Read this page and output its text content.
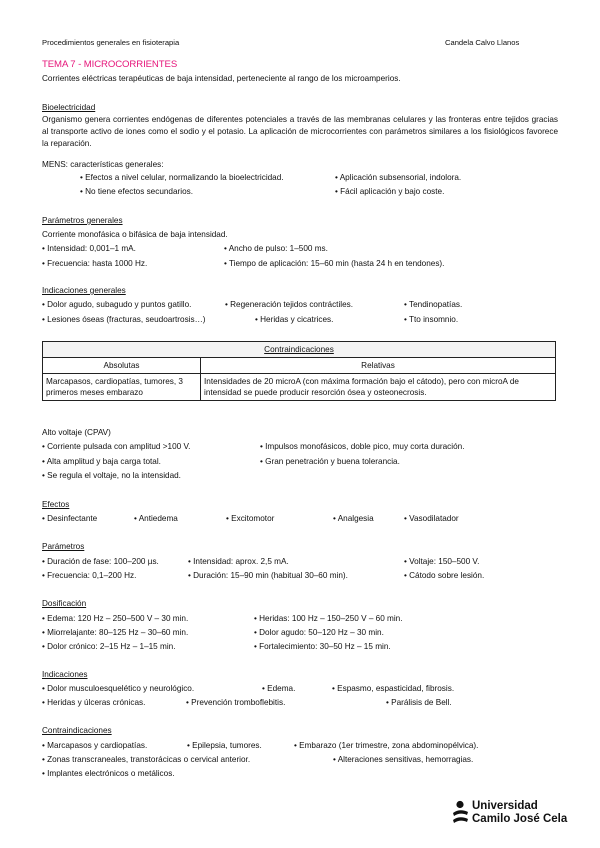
Procedimientos generales en fisioterapia	Candela Calvo Llanos
TEMA 7 - MICROCORRIENTES
Corrientes eléctricas terapéuticas de baja intensidad, perteneciente al rango de los microamperios.
Bioelectricidad
Organismo genera corrientes endógenas de diferentes potenciales a través de las membranas celulares y las fronteras entre tejidos gracias al transporte activo de iones como el sodio y el potasio. La aplicación de microcorrientes con parámetros similares a los fisiológicos favorece la reparación.
MENS: características generales:
• Efectos a nivel celular, normalizando la bioelectricidad.	• Aplicación subsensorial, indolora.
• No tiene efectos secundarios.	• Fácil aplicación y bajo coste.
Parámetros generales
Corriente monofásica o bifásica de baja intensidad.
• Intensidad: 0,001–1 mA.	• Ancho de pulso: 1–500 ms.
• Frecuencia: hasta 1000 Hz.	• Tiempo de aplicación: 15–60 min (hasta 24 h en tendones).
Indicaciones generales
• Dolor agudo, subagudo y puntos gatillo.	• Regeneración tejidos contráctiles.	• Tendinopatías.
• Lesiones óseas (fracturas, seudoartrosis…)	• Heridas y cicatrices.	• Tto insomnio.
Contraindicaciones	
Absolutas	Relativas
Marcapasos, cardiopatías, tumores, 3 primeros meses embarazo	Intensidades de 20 microA (con máxima formación bajo el cátodo), pero con microA de intensidad se puede producir resorción ósea y osteonecrosis.
Alto voltaje (CPAV)
• Corriente pulsada con amplitud >100 V.	• Impulsos monofásicos, doble pico, muy corta duración.
• Alta amplitud y baja carga total.	• Gran penetración y buena tolerancia.
• Se regula el voltaje, no la intensidad.
Efectos
• Desinfectante	• Antiedema	• Excitomotor	• Analgesia	• Vasodilatador
Parámetros
• Duración de fase: 100–200 µs.	• Intensidad: aprox. 2,5 mA.	• Voltaje: 150–500 V.
• Frecuencia: 0,1–200 Hz.	• Duración: 15–90 min (habitual 30–60 min).	• Cátodo sobre lesión.
Dosificación
• Edema: 120 Hz – 250–500 V – 30 min.	• Heridas: 100 Hz – 150–250 V – 60 min.
• Miorrelajante: 80–125 Hz – 30–60 min.	• Dolor agudo: 50–120 Hz – 30 min.
• Dolor crónico: 2–15 Hz – 1–15 min.	• Fortalecimiento: 30–50 Hz – 15 min.
Indicaciones
• Dolor musculoesquelético y neurológico.	• Edema.	• Espasmo, espasticidad, fibrosis.
• Heridas y úlceras crónicas.	• Prevención tromboflebitis.	• Parálisis de Bell.
Contraindicaciones
• Marcapasos y cardiopatías.	• Epilepsia, tumores.	• Embarazo (1er trimestre, zona abdominopélvica).
• Zonas transcraneales, transtorácicas o cervical anterior.	• Alteraciones sensitivas, hemorragias.
• Implantes electrónicos o metálicos.
Universidad
Camilo José Cela
